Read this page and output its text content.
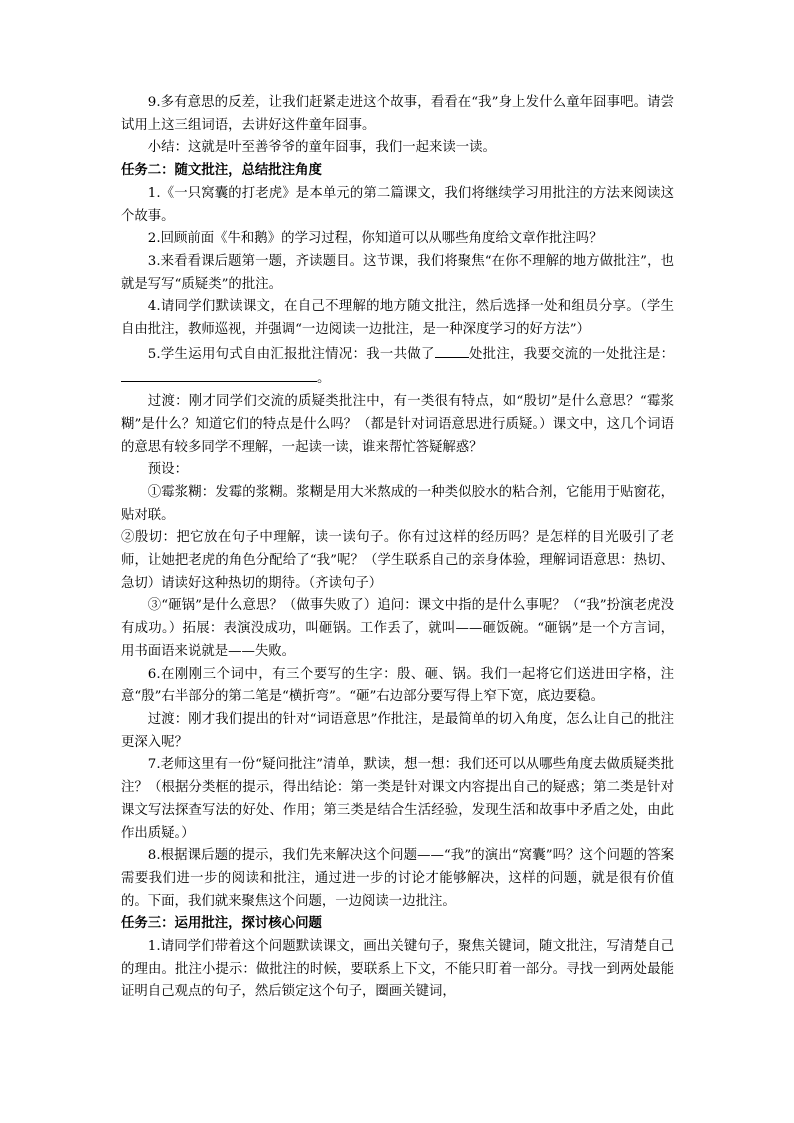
9.多有意思的反差，让我们赶紧走进这个故事，看看在“我”身上发什么童年囧事吧。请尝试用上这三组词语，去讲好这件童年囧事。

小结：这就是叶至善爷爷的童年囧事，我们一起来读一读。

任务二：随文批注，总结批注角度

1.《一只窝囊的打老虎》是本单元的第二篇课文，我们将继续学习用批注的方法来阅读这个故事。

2.回顾前面《牛和鹅》的学习过程，你知道可以从哪些角度给文章作批注吗？

3.来看看课后题第一题，齐读题目。这节课，我们将聚焦“在你不理解的地方做批注”，也就是写写“质疑类”的批注。

4.请同学们默读课文，在自己不理解的地方随文批注，然后选择一处和组员分享。（学生自由批注，教师巡视，并强调“一边阅读一边批注，是一种深度学习的好方法”）

5.学生运用句式自由汇报批注情况：我一共做了	处批注，我要交流的一处批注是：。

过渡：刚才同学们交流的质疑类批注中，有一类很有特点，如“殷切”是什么意思？“霉浆糊”是什么？知道它们的特点是什么吗？（都是针对词语意思进行质疑。）课文中，这几个词语的意思有较多同学不理解，一起读一读，谁来帮忙答疑解惑？

预设：

①霉浆糊：发霉的浆糊。浆糊是用大米熬成的一种类似胶水的粘合剂，它能用于贴窗花，贴对联。

②殷切：把它放在句子中理解，读一读句子。你有过这样的经历吗？是怎样的目光吸引了老师，让她把老虎的角色分配给了“我”呢？（学生联系自己的亲身体验，理解词语意思：热切、急切）请读好这种热切的期待。（齐读句子）

③“砸锅”是什么意思？（做事失败了）追问：课文中指的是什么事呢？（“我”扮演老虎没有成功。）拓展：表演没成功，叫砸锅。工作丢了，就叫——砸饭碗。“砸锅”是一个方言词，用书面语来说就是——失败。

6.在刚刚三个词中，有三个要写的生字：殷、砸、锅。我们一起将它们送进田字格，注意“殷”右半部分的第二笔是“横折弯”。“砸”右边部分要写得上窄下宽，底边要稳。

过渡：刚才我们提出的针对“词语意思”作批注，是最简单的切入角度，怎么让自己的批注更深入呢？

7.老师这里有一份“疑问批注”清单，默读，想一想：我们还可以从哪些角度去做质疑类批注？（根据分类框的提示，得出结论：第一类是针对课文内容提出自己的疑惑；第二类是针对课文写法探查写法的好处、作用；第三类是结合生活经验，发现生活和故事中矛盾之处，由此作出质疑。）

8.根据课后题的提示，我们先来解决这个问题——“我”的演出“窝囊”吗？这个问题的答案需要我们进一步的阅读和批注，通过进一步的讨论才能够解决，这样的问题，就是很有价值的。下面，我们就来聚焦这个问题，一边阅读一边批注。

任务三：运用批注，探讨核心问题

1.请同学们带着这个问题默读课文，画出关键句子，聚焦关键词，随文批注，写清楚自己的理由。批注小提示：做批注的时候，要联系上下文，不能只盯着一部分。寻找一到两处最能证明自己观点的句子，然后锁定这个句子，圈画关键词，
